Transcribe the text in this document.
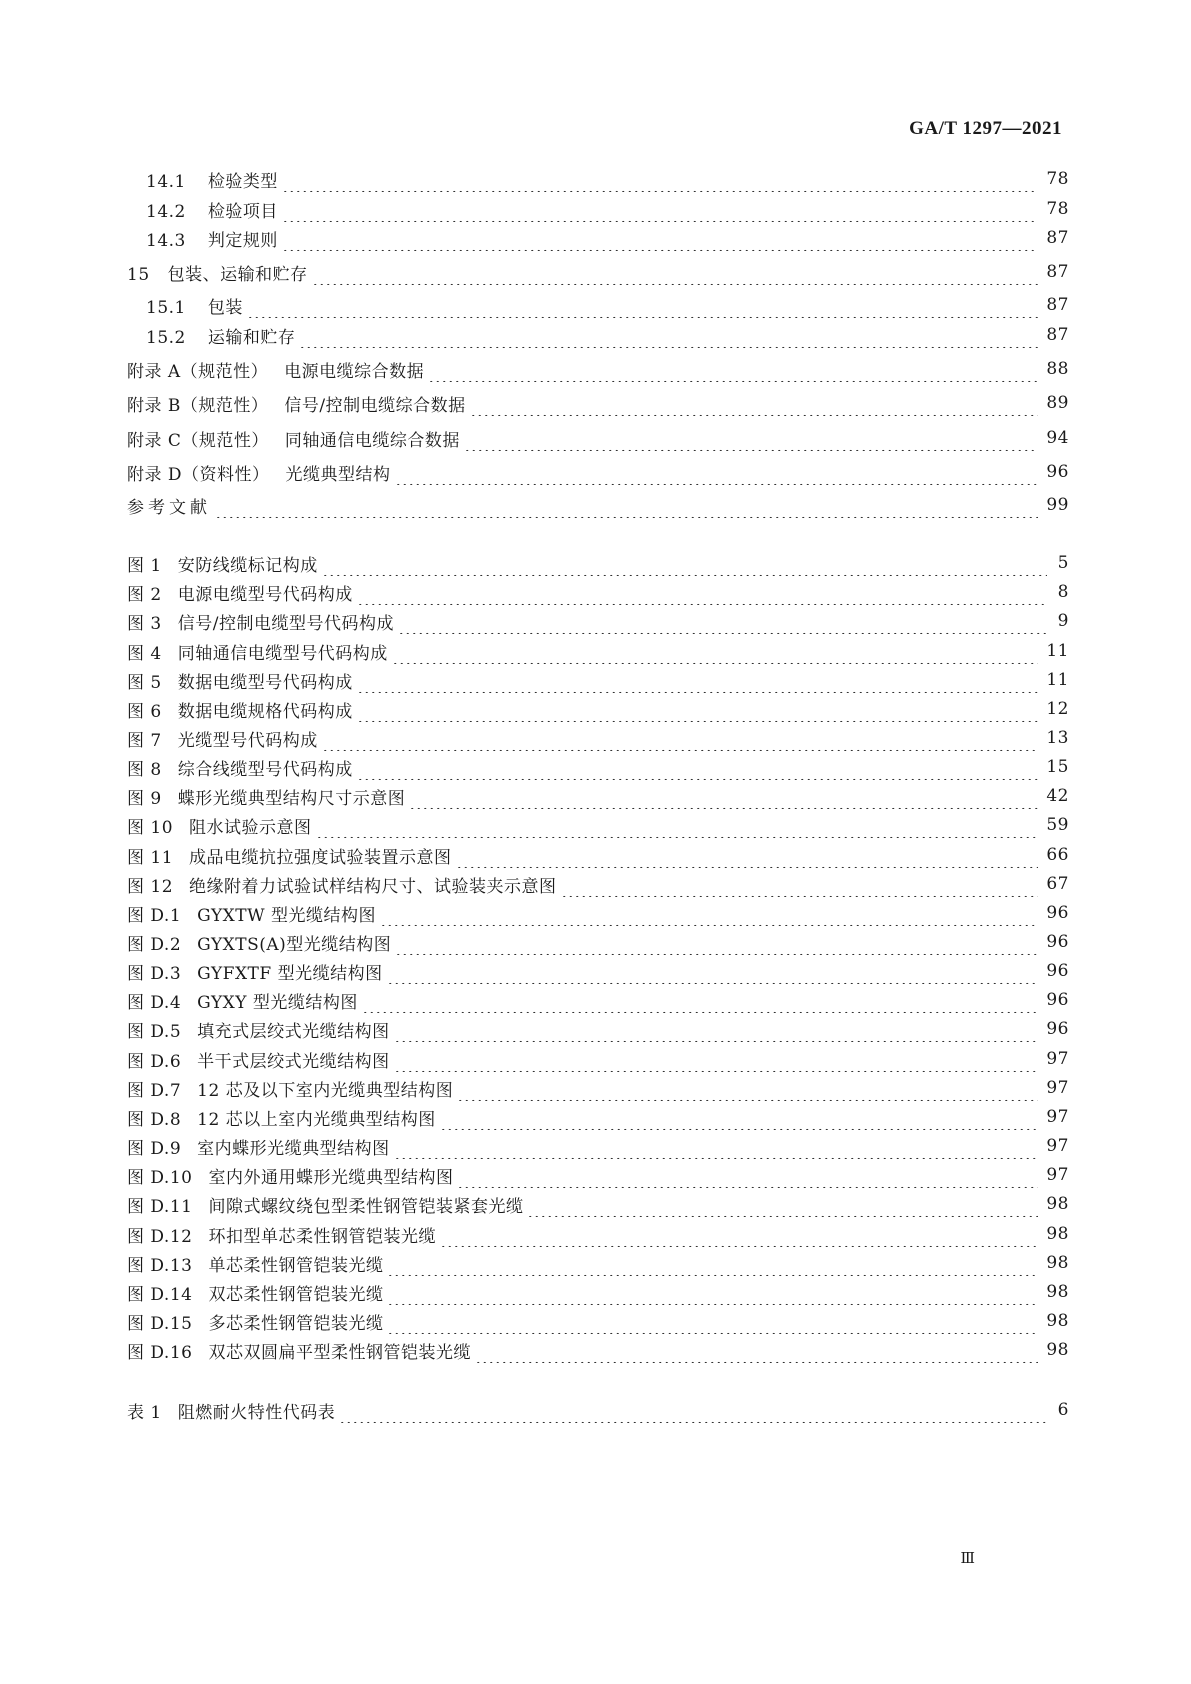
GA/T 1297—2021
14.1 检验类型	78
14.2 检验项目	78
14.3 判定规则	87
15 包装、运输和贮存	87
15.1 包装	87
15.2 运输和贮存	87
附录 A（规范性） 电源电缆综合数据	88
附录 B（规范性） 信号/控制电缆综合数据	89
附录 C（规范性） 同轴通信电缆综合数据	94
附录 D（资料性） 光缆典型结构	96
参考文献	99
图 1 安防线缆标记构成	5
图 2 电源电缆型号代码构成	8
图 3 信号/控制电缆型号代码构成	9
图 4 同轴通信电缆型号代码构成	11
图 5 数据电缆型号代码构成	11
图 6 数据电缆规格代码构成	12
图 7 光缆型号代码构成	13
图 8 综合线缆型号代码构成	15
图 9 蝶形光缆典型结构尺寸示意图	42
图 10 阻水试验示意图	59
图 11 成品电缆抗拉强度试验装置示意图	66
图 12 绝缘附着力试验试样结构尺寸、试验装夹示意图	67
图 D.1 GYXTW 型光缆结构图	96
图 D.2 GYXTS(A)型光缆结构图	96
图 D.3 GYFXTF 型光缆结构图	96
图 D.4 GYXY 型光缆结构图	96
图 D.5 填充式层绞式光缆结构图	96
图 D.6 半干式层绞式光缆结构图	97
图 D.7 12 芯及以下室内光缆典型结构图	97
图 D.8 12 芯以上室内光缆典型结构图	97
图 D.9 室内蝶形光缆典型结构图	97
图 D.10 室内外通用蝶形光缆典型结构图	97
图 D.11 间隙式螺纹绕包型柔性钢管铠装紧套光缆	98
图 D.12 环扣型单芯柔性钢管铠装光缆	98
图 D.13 单芯柔性钢管铠装光缆	98
图 D.14 双芯柔性钢管铠装光缆	98
图 D.15 多芯柔性钢管铠装光缆	98
图 D.16 双芯双圆扁平型柔性钢管铠装光缆	98
表 1 阻燃耐火特性代码表	6
Ⅲ
